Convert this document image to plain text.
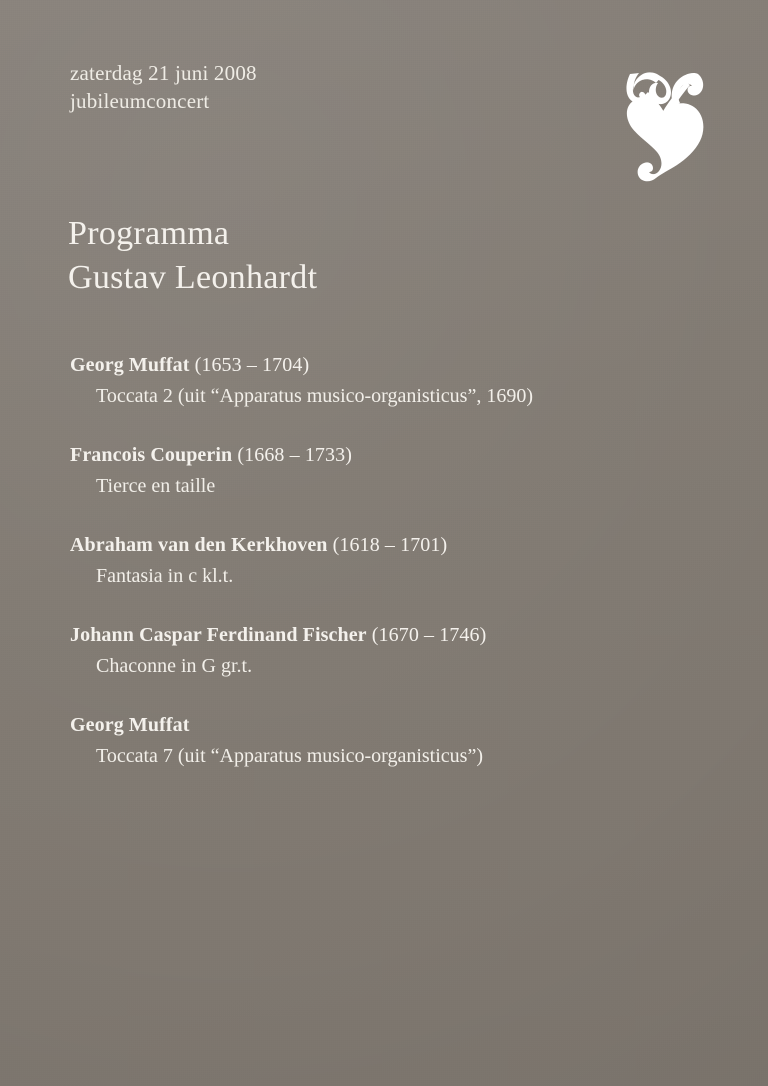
zaterdag 21 juni 2008
jubileumconcert
Programma
Gustav Leonhardt
Georg Muffat (1653 – 1704)
Toccata 2 (uit “Apparatus musico-organisticus”, 1690)
Francois Couperin (1668 – 1733)
Tierce en taille
Abraham van den Kerkhoven (1618 – 1701)
Fantasia in c kl.t.
Johann Caspar Ferdinand Fischer (1670 – 1746)
Chaconne in G gr.t.
Georg Muffat
Toccata 7 (uit “Apparatus musico-organisticus”)
